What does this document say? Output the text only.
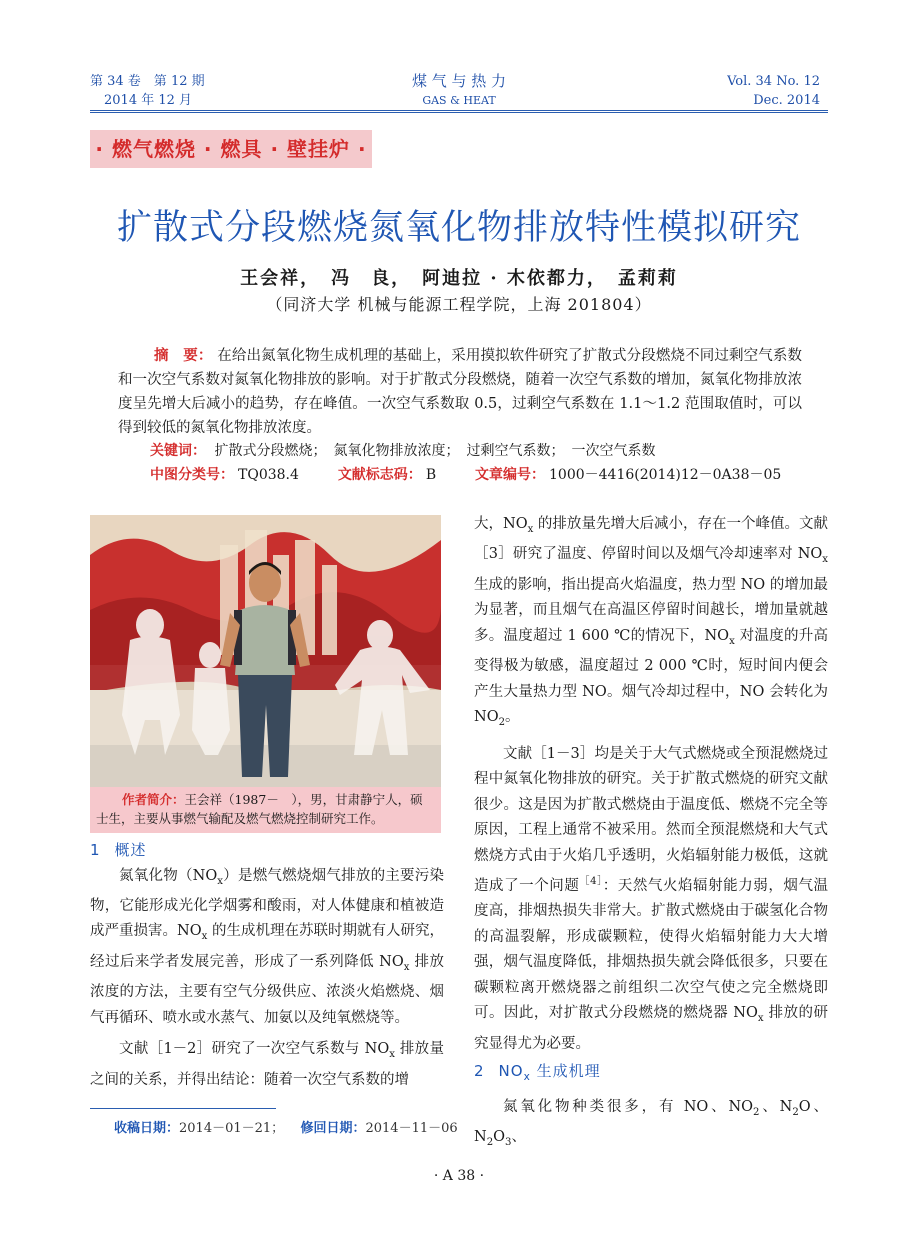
第 34 卷　第 12 期
2014 年 12 月
煤 气 与 热 力
GAS & HEAT
Vol. 34 No. 12
Dec. 2014
· 燃气燃烧 · 燃具 · 壁挂炉 ·
扩散式分段燃烧氮氧化物排放特性模拟研究
王会祥，　冯　良，　阿迪拉 · 木依都力，　孟莉莉
（同济大学 机械与能源工程学院，上海 201804）
摘　要： 在给出氮氧化物生成机理的基础上，采用摸拟软件研究了扩散式分段燃烧不同过剩空气系数和一次空气系数对氮氧化物排放的影响。对于扩散式分段燃烧，随着一次空气系数的增加，氮氧化物排放浓度呈先增大后减小的趋势，存在峰值。一次空气系数取 0.5，过剩空气系数在 1.1～1.2 范围取值时，可以得到较低的氮氧化物排放浓度。
关键词： 扩散式分段燃烧；　氮氧化物排放浓度；　过剩空气系数；　一次空气系数
中图分类号： TQ038.4	文献标志码： B	文章编号： 1000－4416(2014)12－0A38－05
作者简介：王会祥（1987－　），男，甘肃静宁人，硕士生，主要从事燃气输配及燃气燃烧控制研究工作。
1 概述

氮氧化物$(NO_x)$是燃气燃烧烟气排放的主要污染物，它能形成光化学烟雾和酸雨，对人体健康和植被造成严重损害。$NO_x$ 的生成机理在苏联时期就有人研究，经过后来学者发展完善，形成了一系列降低 $NO_x$ 排放浓度的方法，主要有空气分级供应、浓淡火焰燃烧、烟气再循环、喷水或水蒸气、加氨以及纯氧燃烧等。

文献［1－2］研究了一次空气系数与 $NO_x$ 排放量之间的关系，并得出结论：随着一次空气系数的增

大，$NO_x$ 的排放量先增大后减小，存在一个峰值。文献［3］研究了温度、停留时间以及烟气冷却速率对 $NO_x$ 生成的影响，指出提高火焰温度，热力型 NO 的增加最为显著，而且烟气在高温区停留时间越长，增加量就越多。温度超过 1 600 ℃的情况下，$NO_x$ 对温度的升高变得极为敏感，温度超过 2 000 ℃时，短时间内便会产生大量热力型 NO。烟气冷却过程中，NO 会转化为 $NO_2$。

文献［1－3］均是关于大气式燃烧或全预混燃烧过程中氮氧化物排放的研究。关于扩散式燃烧的研究文献很少。这是因为扩散式燃烧由于温度低、燃烧不完全等原因，工程上通常不被采用。然而全预混燃烧和大气式燃烧方式由于火焰几乎透明，火焰辐射能力极低，这就造成了一个问题$^{[4]}$：天然气火焰辐射能力弱，烟气温度高，排烟热损失非常大。扩散式燃烧由于碳氢化合物的高温裂解，形成碳颗粒，使得火焰辐射能力大大增强，烟气温度降低，排烟热损失就会降低很多，只要在碳颗粒离开燃烧器之前组织二次空气使之完全燃烧即可。因此，对扩散式分段燃烧的燃烧器 $NO_x$ 排放的研究显得尤为必要。

2 $NO_x$ 生成机理

氮氧化物种类很多，有 NO、$NO_2$、$N_2O$、$N_2O_3$、

收稿日期：2014－01－21； 修回日期：2014－11－06
· A 38 ·
